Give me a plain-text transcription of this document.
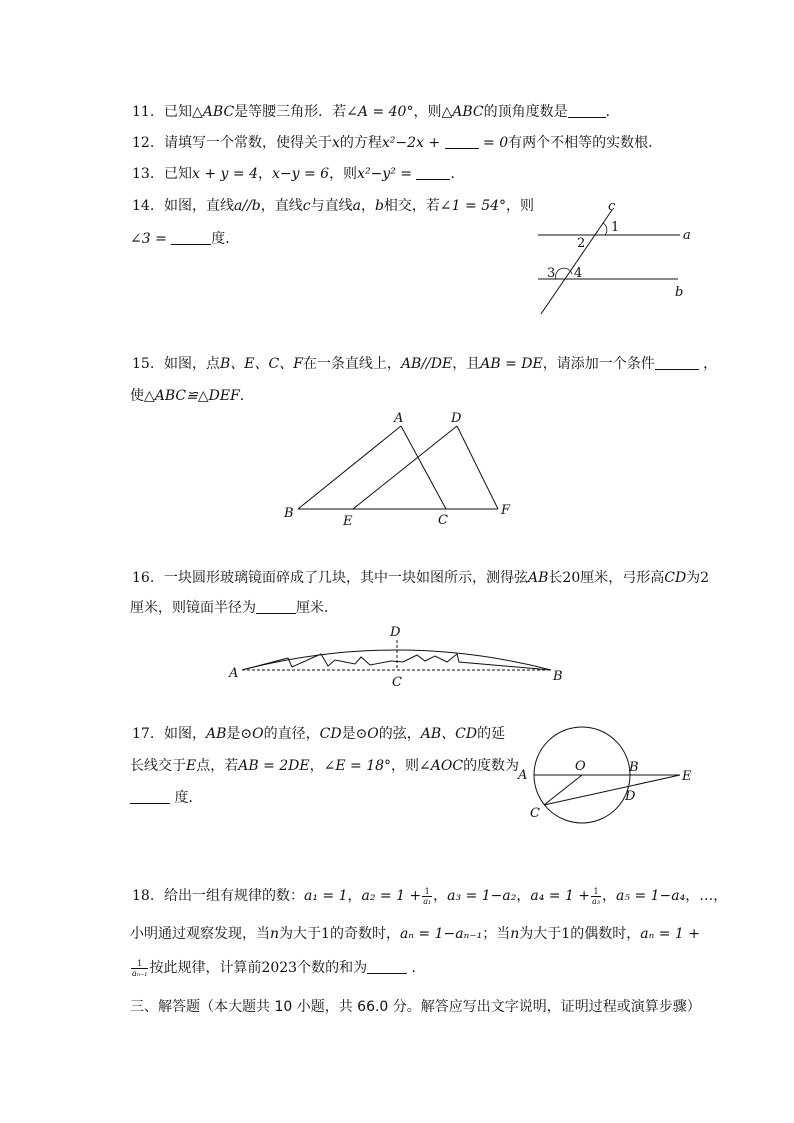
11. 已知△ABC是等腰三角形．若∠A = 40°，则△ABC的顶角度数是	．
12. 请填写一个常数，使得关于x的方程x²−2x +	= 0有两个不相等的实数根．
13. 已知x + y = 4，x−y = 6，则x²−y² =	．
14. 如图，直线a//b，直线c与直线a，b相交，若∠1 = 54°，则
∠3 =	度．
c
1
2
a
3 4
b
15. 如图，点B、E、C、F在一条直线上，AB//DE，且AB = DE，请添加一个条件	，
使△ABC≌△DEF．
A	D
B
E	C
F
16. 一块圆形玻璃镜面碎成了几块，其中一块如图所示，测得弦AB长20厘米，弓形高CD为2
厘米，则镜面半径为	厘米．
A	B
C
D
17. 如图，AB是⊙O的直径，CD是⊙O的弦，AB、CD的延
长线交于E点，若AB = 2DE，∠E = 18°，则∠AOC的度数为
度．
A
O	B
E
C
D
18. 给出一组有规律的数：a₁ = 1，$a_2 = 1 + \frac{1}{\text{a₁}}$ ，a₃ = 1−a₂，$a_4 = 1 + \frac{1}{\text{a₃}}$ ，a₅ = 1−a₄，…，
小明通过观察发现，当n为大于1的奇数时，aₙ = 1−aₙ₋₁；当n为大于1的偶数时，aₙ = 1 +
$\frac{1}{\text{aₙ₋₁}}$ 按此规律，计算前2023个数的和为	．
三、解答题（本大题共 10 小题，共 66.0 分。解答应写出文字说明，证明过程或演算步骤）
